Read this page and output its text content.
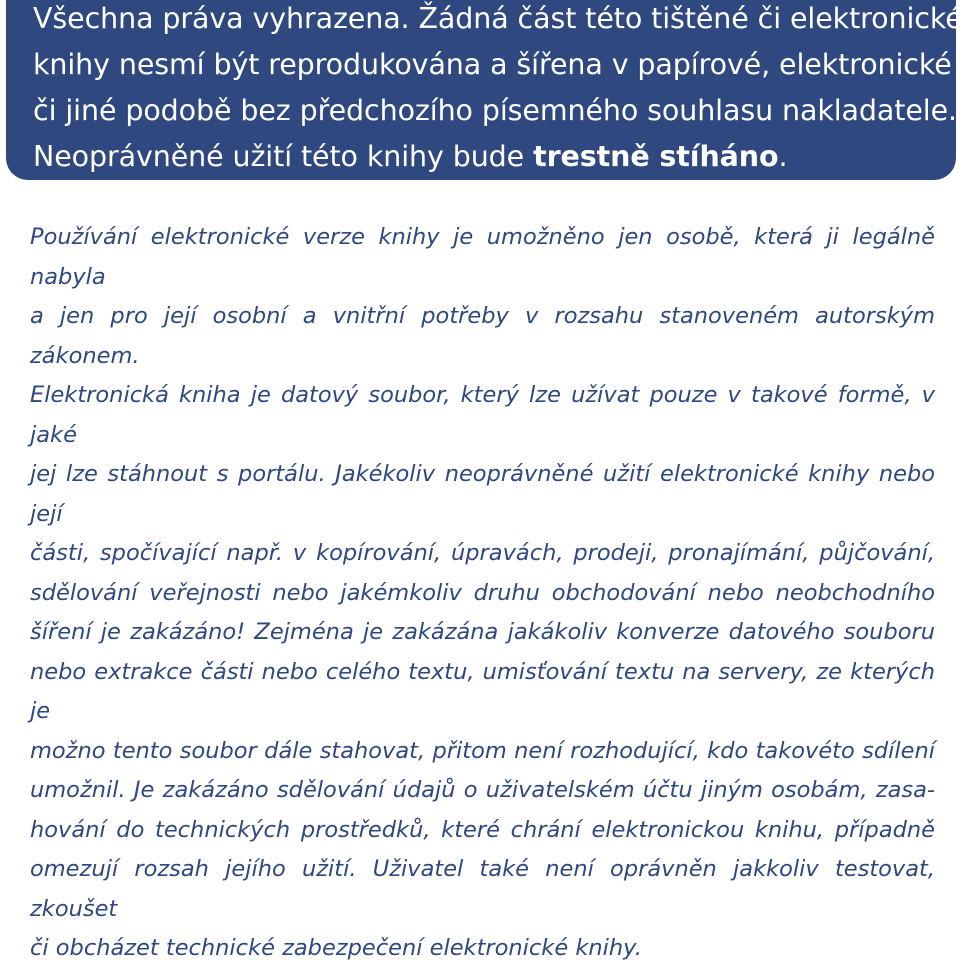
Všechna práva vyhrazena. Žádná část této tištěné či elektronické
knihy nesmí být reprodukována a šířena v papírové, elektronické
či jiné podobě bez předchozího písemného souhlasu nakladatele.
Neoprávněné užití této knihy bude trestně stíháno.
Používání elektronické verze knihy je umožněno jen osobě, která ji legálně nabyla
a jen pro její osobní a vnitřní potřeby v rozsahu stanoveném autorským zákonem.
Elektronická kniha je datový soubor, který lze užívat pouze v takové formě, v jaké
jej lze stáhnout s portálu. Jakékoliv neoprávněné užití elektronické knihy nebo její
části, spočívající např. v kopírování, úpravách, prodeji, pronajímání, půjčování,
sdělování veřejnosti nebo jakémkoliv druhu obchodování nebo neobchodního
šíření je zakázáno! Zejména je zakázána jakákoliv konverze datového souboru
nebo extrakce části nebo celého textu, umisťování textu na servery, ze kterých je
možno tento soubor dále stahovat, přitom není rozhodující, kdo takovéto sdílení
umožnil. Je zakázáno sdělování údajů o uživatelském účtu jiným osobám, zasa-
hování do technických prostředků, které chrání elektronickou knihu, případně
omezují rozsah jejího užití. Uživatel také není oprávněn jakkoliv testovat, zkoušet
či obcházet technické zabezpečení elektronické knihy.
